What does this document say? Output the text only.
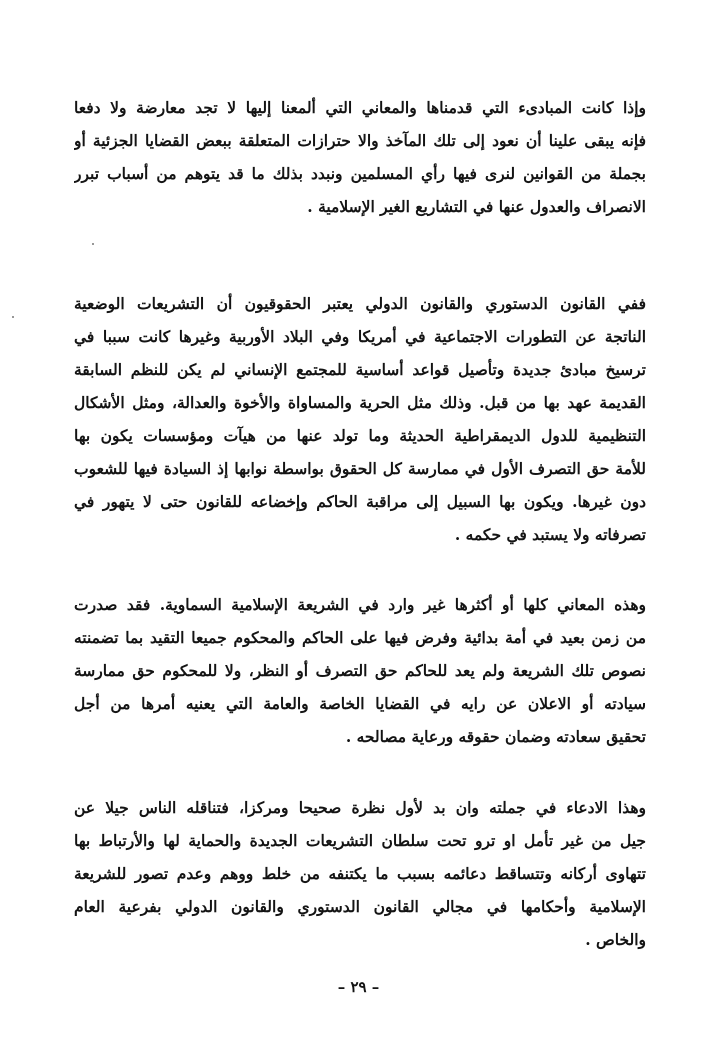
وإذا كانت المبادىء التي قدمناها والمعاني التي ألمعنا إليها لا تجد معارضة ولا دفعا
فإنه يبقى علينا أن نعود إلى تلك المآخذ والا حترازات المتعلقة ببعض القضايا الجزئية أو
بجملة من القوانين لنرى فيها رأي المسلمين ونبدد بذلك ما قد يتوهم من أسباب تبرر
الانصراف والعدول عنها في التشاريع الغير الإسلامية .
ففي القانون الدستوري والقانون الدولي يعتبر الحقوقيون أن التشريعات الوضعية
الناتجة عن التطورات الاجتماعية في أمريكا وفي البلاد الأوربية وغيرها كانت سببا في
ترسيخ مبادئ جديدة وتأصيل قواعد أساسية للمجتمع الإنساني لم يكن للنظم السابقة
القديمة عهد بها من قبل. وذلك مثل الحرية والمساواة والأخوة والعدالة، ومثل الأشكال
التنظيمية للدول الديمقراطية الحديثة وما تولد عنها من هيآت ومؤسسات يكون بها
للأمة حق التصرف الأول في ممارسة كل الحقوق بواسطة نوابها إذ السيادة فيها للشعوب
دون غيرها. ويكون بها السبيل إلى مراقبة الحاكم وإخضاعه للقانون حتى لا يتهور في
تصرفاته ولا يستبد في حكمه .
وهذه المعاني كلها أو أكثرها غير وارد في الشريعة الإسلامية السماوية. فقد صدرت
من زمن بعيد في أمة بدائية وفرض فيها على الحاكم والمحكوم جميعا التقيد بما تضمنته
نصوص تلك الشريعة ولم يعد للحاكم حق التصرف أو النظر، ولا للمحكوم حق ممارسة
سيادته أو الاعلان عن رايه في القضايا الخاصة والعامة التي يعنيه أمرها من أجل
تحقيق سعادته وضمان حقوقه ورعاية مصالحه .
وهذا الادعاء في جملته وان بد لأول نظرة صحيحا ومركزا، فتناقله الناس جيلا عن
جيل من غير تأمل او ترو تحت سلطان التشريعات الجديدة والحماية لها والأرتباط بها
تتهاوى أركانه وتتساقط دعائمه بسبب ما يكتنفه من خلط ووهم وعدم تصور للشريعة
الإسلامية وأحكامها في مجالي القانون الدستوري والقانون الدولي بفرعية العام
والخاص .
– ٢٩ –
